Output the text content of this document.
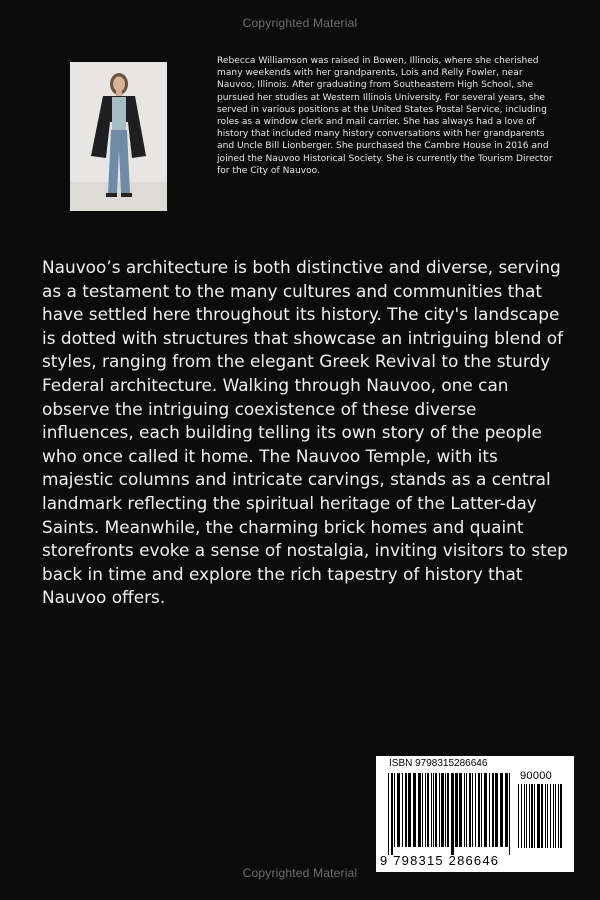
Copyrighted Material

Rebecca Williamson was raised in Bowen, Illinois, where she cherished many weekends with her grandparents, Lois and Relly Fowler, near Nauvoo, Illinois. After graduating from Southeastern High School, she pursued her studies at Western Illinois University. For several years, she served in various positions at the United States Postal Service, including roles as a window clerk and mail carrier. She has always had a love of history that included many history conversations with her grandparents and Uncle Bill Lionberger. She purchased the Cambre House in 2016 and joined the Nauvoo Historical Society. She is currently the Tourism Director for the City of Nauvoo.

Nauvoo’s architecture is both distinctive and diverse, serving as a testament to the many cultures and communities that have settled here throughout its history. The city's landscape is dotted with structures that showcase an intriguing blend of styles, ranging from the elegant Greek Revival to the sturdy Federal architecture. Walking through Nauvoo, one can observe the intriguing coexistence of these diverse influences, each building telling its own story of the people who once called it home. The Nauvoo Temple, with its majestic columns and intricate carvings, stands as a central landmark reflecting the spiritual heritage of the Latter-day Saints. Meanwhile, the charming brick homes and quaint storefronts evoke a sense of nostalgia, inviting visitors to step back in time and explore the rich tapestry of history that Nauvoo offers.

ISBN 9798315286646
90000
9 798315 286646
Copyrighted Material
